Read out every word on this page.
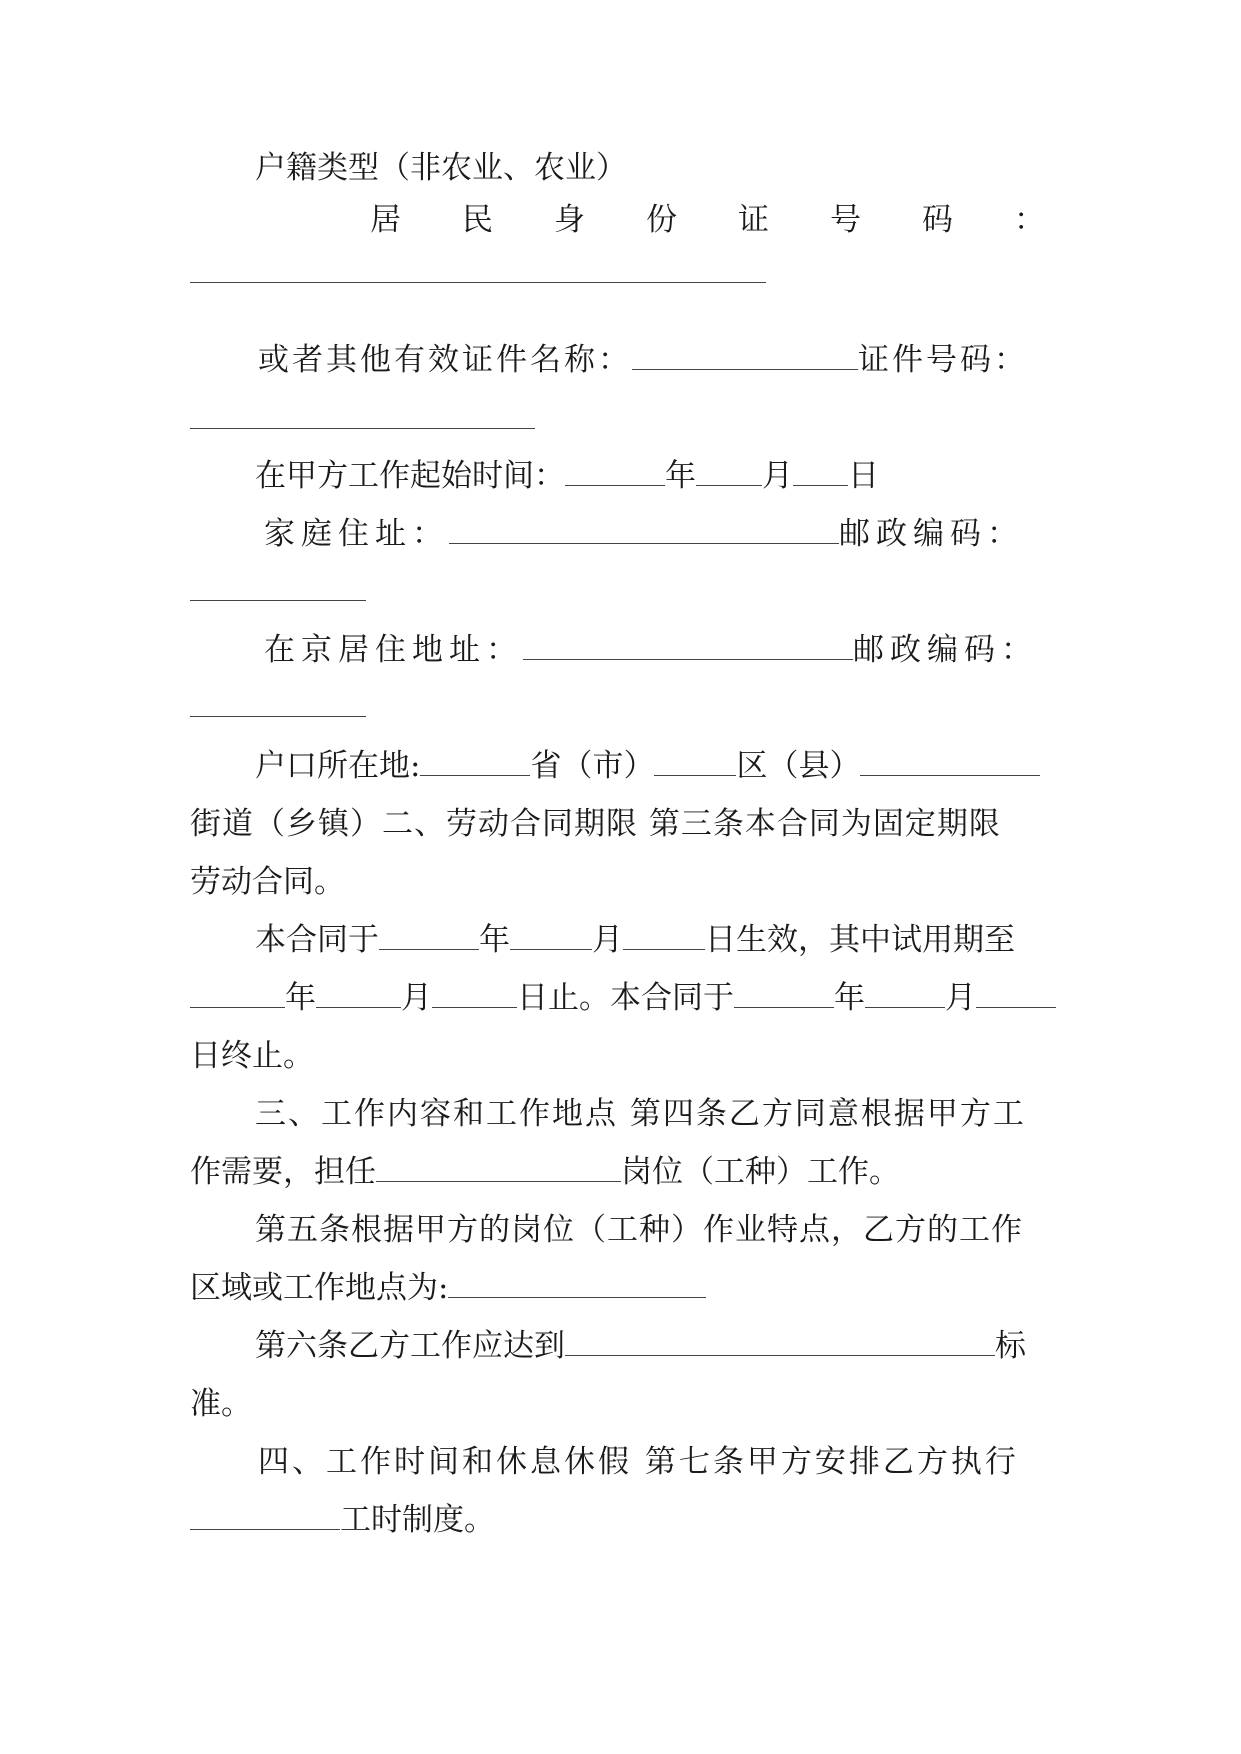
户籍类型（非农业、农业）
居 民 身 份 证 号 码 ：
或者其他有效证件名称：	证件号码：
在甲方工作起始时间：	年 月 日
家庭住址：	邮政编码：
在京居住地址：	邮政编码：
户口所在地:	省（市）	区（县）
街道（乡镇）二、劳动合同期限 第三条本合同为固定期限
劳动合同。
本合同于	年	月	日生效，其中试用期至
年	月	日止。本合同于	年	月
日终止。
三、工作内容和工作地点 第四条乙方同意根据甲方工
作需要，担任	岗位（工种）工作。
第五条根据甲方的岗位（工种）作业特点，乙方的工作
区域或工作地点为:
第六条乙方工作应达到	标
准。
四、工作时间和休息休假 第七条甲方安排乙方执行
工时制度。
